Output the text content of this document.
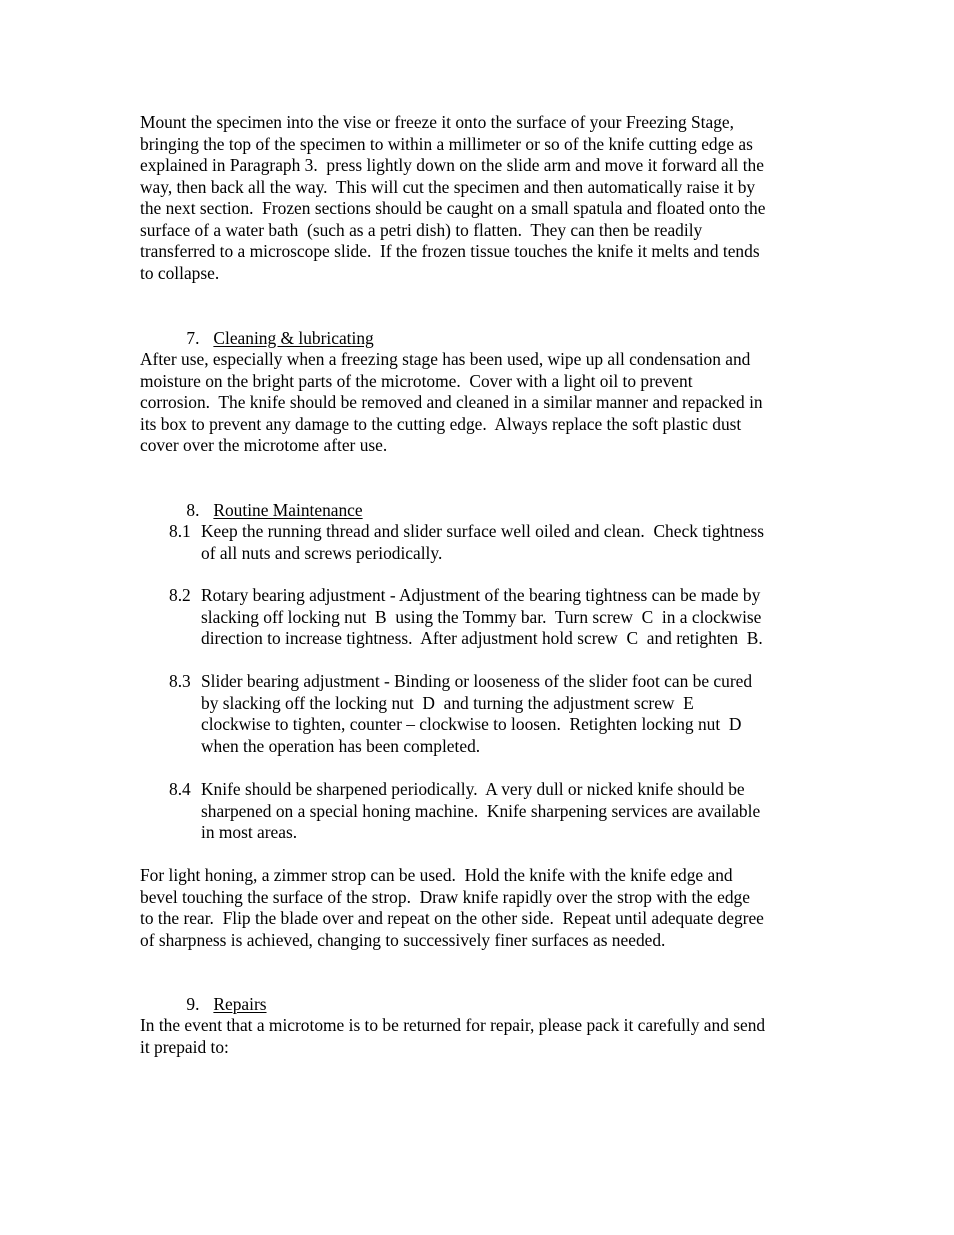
Mount the specimen into the vise or freeze it onto the surface of your Freezing Stage,
bringing the top of the specimen to within a millimeter or so of the knife cutting edge as
explained in Paragraph 3.  press lightly down on the slide arm and move it forward all the
way, then back all the way.  This will cut the specimen and then automatically raise it by
the next section.  Frozen sections should be caught on a small spatula and floated onto the
surface of a water bath  (such as a petri dish) to flatten.  They can then be readily
transferred to a microscope slide.  If the frozen tissue touches the knife it melts and tends
to collapse.

7. Cleaning & lubricating

After use, especially when a freezing stage has been used, wipe up all condensation and
moisture on the bright parts of the microtome.  Cover with a light oil to prevent
corrosion.  The knife should be removed and cleaned in a similar manner and repacked in
its box to prevent any damage to the cutting edge.  Always replace the soft plastic dust
cover over the microtome after use.

8. Routine Maintenance

8.1 Keep the running thread and slider surface well oiled and clean.  Check tightness
of all nuts and screws periodically.
8.2 Rotary bearing adjustment - Adjustment of the bearing tightness can be made by
slacking off locking nut  B  using the Tommy bar.  Turn screw  C  in a clockwise
direction to increase tightness.  After adjustment hold screw  C  and retighten  B.
8.3 Slider bearing adjustment - Binding or looseness of the slider foot can be cured
by slacking off the locking nut  D  and turning the adjustment screw  E
clockwise to tighten, counter – clockwise to loosen.  Retighten locking nut  D
when the operation has been completed.
8.4 Knife should be sharpened periodically.  A very dull or nicked knife should be
sharpened on a special honing machine.  Knife sharpening services are available
in most areas.

For light honing, a zimmer strop can be used.  Hold the knife with the knife edge and
bevel touching the surface of the strop.  Draw knife rapidly over the strop with the edge
to the rear.  Flip the blade over and repeat on the other side.  Repeat until adequate degree
of sharpness is achieved, changing to successively finer surfaces as needed.

9. Repairs

In the event that a microtome is to be returned for repair, please pack it carefully and send
it prepaid to:
